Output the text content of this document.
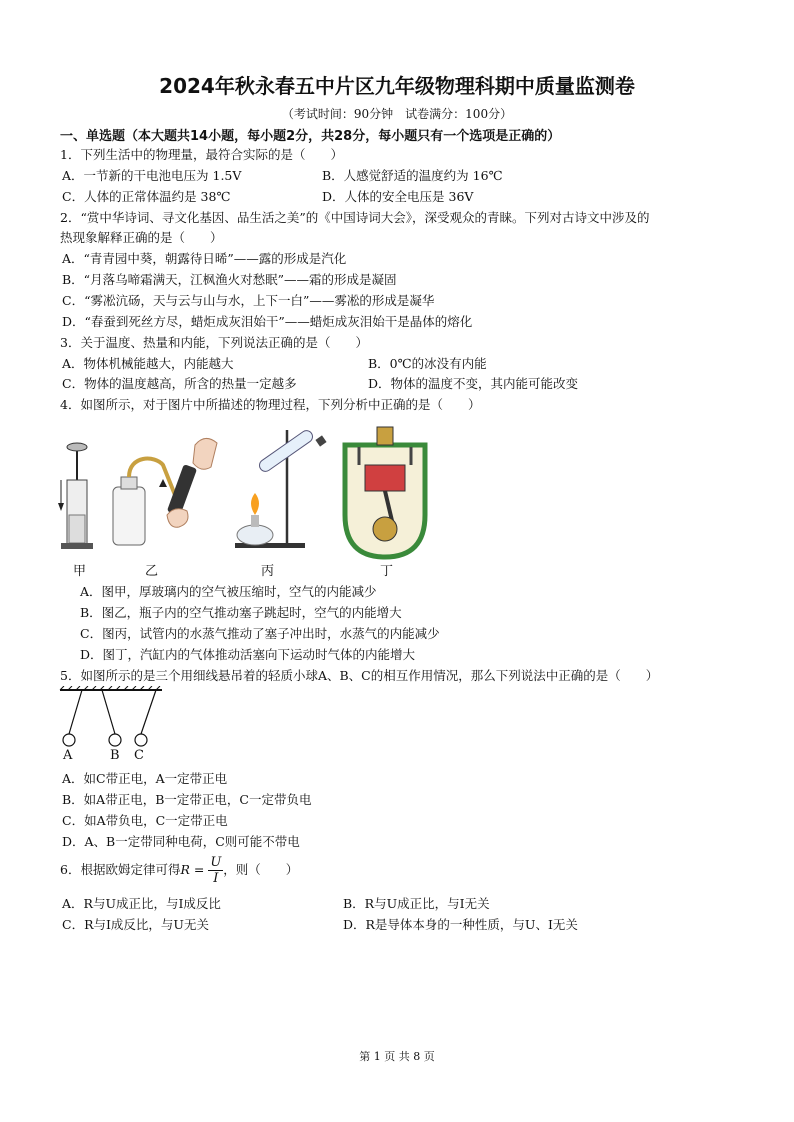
2024年秋永春五中片区九年级物理科期中质量监测卷
（考试时间：90分钟　试卷满分：100分）
一、单选题（本大题共14小题，每小题2分，共28分，每小题只有一个选项是正确的）
1．下列生活中的物理量，最符合实际的是（　　）
A．一节新的干电池电压为 1.5V	B．人感觉舒适的温度约为 16℃
C．人体的正常体温约是 38℃	D．人体的安全电压是 36V
2．“赏中华诗词、寻文化基因、品生活之美”的《中国诗词大会》，深受观众的青睐。下列对古诗文中涉及的
热现象解释正确的是（　　）
A．“青青园中葵，朝露待日晞”——露的形成是汽化
B．“月落乌啼霜满天，江枫渔火对愁眠”——霜的形成是凝固
C．“雾凇沆砀，天与云与山与水，上下一白”——雾凇的形成是凝华
D．“春蚕到死丝方尽，蜡炬成灰泪始干”——蜡炬成灰泪始干是晶体的熔化
3．关于温度、热量和内能，下列说法正确的是（　　）
A．物体机械能越大，内能越大	B．0℃的冰没有内能
C．物体的温度越高，所含的热量一定越多	D．物体的温度不变，其内能可能改变
4．如图所示，对于图片中所描述的物理过程，下列分析中正确的是（　　）
甲	乙	丙	丁
A．图甲，厚玻璃内的空气被压缩时，空气的内能减少
B．图乙，瓶子内的空气推动塞子跳起时，空气的内能增大
C．图丙，试管内的水蒸气推动了塞子冲出时，水蒸气的内能减少
D．图丁，汽缸内的气体推动活塞向下运动时气体的内能增大
5．如图所示的是三个用细线悬吊着的轻质小球A、B、C的相互作用情况，那么下列说法中正确的是（　　）
A	B C
A．如C带正电，A一定带正电
B．如A带正电，B一定带正电，C一定带负电
C．如A带负电，C一定带正电
D．A、B一定带同种电荷，C则可能不带电
6．根据欧姆定律可得$R = \frac{U}{I}$ ，则（　　）
A．R与U成正比，与I成反比	B．R与U成正比，与I无关
C．R与I成反比，与U无关	D．R是导体本身的一种性质，与U、I无关
第 1 页 共 8 页
